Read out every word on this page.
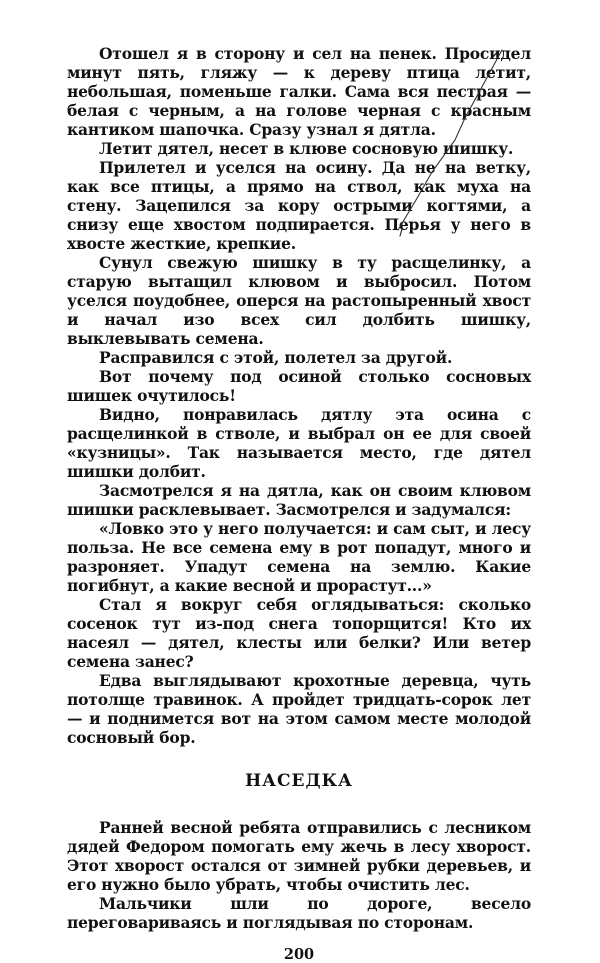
Отошел я в сторону и сел на пенек. Просидел минут пять, гляжу — к дереву птица летит, небольшая, поменьше галки. Сама вся пестрая — белая с черным, а на голове черная с красным кантиком шапочка. Сразу узнал я дятла.

Летит дятел, несет в клюве сосновую шишку.

Прилетел и уселся на осину. Да не на ветку, как все птицы, а прямо на ствол, как муха на стену. Зацепился за кору острыми когтями, а снизу еще хвостом подпирается. Перья у него в хвосте жесткие, крепкие.

Сунул свежую шишку в ту расщелинку, а старую вытащил клювом и выбросил. Потом уселся поудобнее, оперся на растопыренный хвост и начал изо всех сил долбить шишку, выклевывать семена.

Расправился с этой, полетел за другой.

Вот почему под осиной столько сосновых шишек очутилось!

Видно, понравилась дятлу эта осина с расщелинкой в стволе, и выбрал он ее для своей «кузницы». Так называется место, где дятел шишки долбит.

Засмотрелся я на дятла, как он своим клювом шишки расклевывает. Засмотрелся и задумался:

«Ловко это у него получается: и сам сыт, и лесу польза. Не все семена ему в рот попадут, много и разроняет. Упадут семена на землю. Какие погибнут, а какие весной и прорастут...»

Стал я вокруг себя оглядываться: сколько сосенок тут из-под снега топорщится! Кто их насеял — дятел, клесты или белки? Или ветер семена занес?

Едва выглядывают крохотные деревца, чуть потолще травинок. А пройдет тридцать-сорок лет — и поднимется вот на этом самом месте молодой сосновый бор.

НАСЕДКА

Ранней весной ребята отправились с лесником дядей Федором помогать ему жечь в лесу хворост. Этот хворост остался от зимней рубки деревьев, и его нужно было убрать, чтобы очистить лес.

Мальчики шли по дороге, весело переговариваясь и поглядывая по сторонам.

200
